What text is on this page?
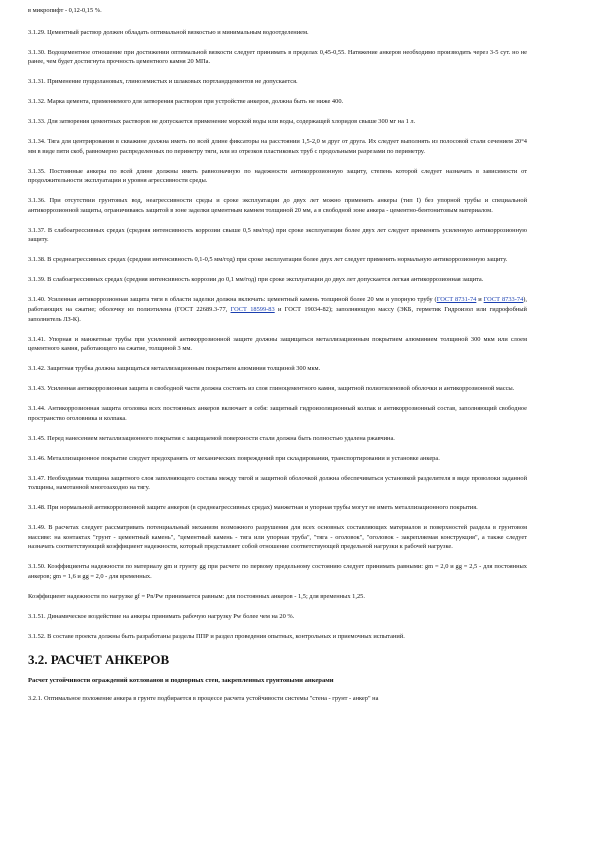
в микропифт - 0,12-0,15 %.

3.1.29. Цементный раствор должен обладать оптимальной вязкостью и минимальным водоотделением.

3.1.30. Водоцементное отношение при достижении оптимальной вязкости следует принимать в пределах 0,45-0,55. Натяжение анкеров необходимо производить через 3-5 сут. но не ранее, чем будет достигнута прочность цементного камня 20 МПа.

3.1.31. Применение пуццолановых, глиноземистых и шлаковых портландцементов не допускается.

3.1.32. Марка цемента, применяемого для затворения растворов при устройстве анкеров, должна быть не ниже 400.

3.1.33. Для затворения цементных растворов не допускается применение морской воды или воды, содержащей хлоридов свыше 300 мг на 1 л.

3.1.34. Тяга для центрирования в скважине должна иметь по всей длине фиксаторы на расстоянии 1,5-2,0 м друг от друга. Их следует выполнять из полосовой стали сечением 20°4 мм в виде пяти скоб, равномерно распределенных по периметру тяги, или из отрезков пластиковых труб с продольными разрезами по периметру.

3.1.35. Постоянные анкеры по всей длине должны иметь равнозначную по надежности антикоррозионную защиту, степень которой следует назначать в зависимости от продолжительности эксплуатации и уровня агрессивности среды.

3.1.36. При отсутствии грунтовых вод, неагрессивности среды и сроке эксплуатации до двух лет можно применять анкеры (тип I) без упорной трубы и специальной антикоррозионной защиты, ограничиваясь защитой в зоне заделки цементным камнем толщиной 20 мм, а в свободной зоне анкера - цементно-бентонитовым материалом.

3.1.37. В слабоагрессивных средах (средняя интенсивность коррозии свыше 0,5 мм/год) при сроке эксплуатации более двух лет следует применять усиленную антикоррозионную защиту.

3.1.38. В среднеагрессивных средах (средняя интенсивность 0,1-0,5 мм/год) при сроке эксплуатации более двух лет следует применять нормальную антикоррозионную защиту.

3.1.39. В слабоагрессивных средах (средняя интенсивность коррозии до 0,1 мм/год) при сроке эксплуатации до двух лет допускается легкая антикоррозионная защита.

3.1.40. Усиленная антикоррозионная защита тяги в области заделки должна включать: цементный камень толщиной более 20 мм и упорную трубу (ГОСТ 8731-74 и ГОСТ 8733-74), работающих на сжатие; оболочку из полиэтилена (ГОСТ 22689.3-77, ГОСТ 18599-83 и ГОСТ 19034-82); заполняющую массу (ЭКБ, герметик Гидроизол или гидрофобный заполнитель ЛЗ-К).

3.1.41. Упорная и манжетные трубы при усиленной антикоррозионной защите должны защищаться металлизационным покрытием алюминием толщиной 300 мкм или слоем цементного камня, работающего на сжатие, толщиной 3 мм.

3.1.42. Защитная трубка должна защищаться металлизационным покрытием алюминия толщиной 300 мкм.

3.1.43. Усиленная антикоррозионная защита в свободной части должна состоять из слоя глиноцементного камня, защитной полиэтиленовой оболочки и антикоррозионной массы.

3.1.44. Антикоррозионная защита оголовка всех постоянных анкеров включает в себя: защитный гидроизоляционный колпак и антикоррозионный состав, заполняющий свободное пространство оголовника и колпака.

3.1.45. Перед нанесением металлизационного покрытия с защищаемой поверхности стали должна быть полностью удалена ржавчина.

3.1.46. Металлизационное покрытие следует предохранять от механических повреждений при складировании, транспортировании и установке анкера.

3.1.47. Необходимая толщина защитного слоя заполняющего состава между тягой и защитной оболочкой должна обеспечиваться установкой разделителя в виде проволоки заданной толщины, намотанной многозаходно на тягу.

3.1.48. При нормальной антикоррозионной защите анкеров (в среднеагрессивных средах) манжетная и упорная трубы могут не иметь металлизационного покрытия.

3.1.49. В расчетах следует рассматривать потенциальный механизм возможного разрушения для всех основных составляющих материалов и поверхностей раздела в грунтовом массиве: на контактах "грунт - цементный камень", "цементный камень - тяга или упорная труба", "тяга - оголовок", "оголовок - закрепляемая конструкция", а также следует назначать соответствующий коэффициент надежности, который представляет собой отношение соответствующей предельной нагрузки к рабочей нагрузке.

3.1.50. Коэффициенты надежности по материалу gm и грунту gg при расчете по первому предельному состоянию следует принимать равными: gm = 2,0 и gg = 2,5 - для постоянных анкеров; gm = 1,6 и gg = 2,0 - для временных.

Коэффициент надежности по нагрузке gf = Pn/Pw принимается равным: для постоянных анкеров - 1,5; для временных 1,25.

3.1.51. Динамическое воздействие на анкеры принимать рабочую нагрузку Pw более чем на 20 %.

3.1.52. В составе проекта должны быть разработаны разделы ППР и раздел проведения опытных, контрольных и приемочных испытаний.

3.2. РАСЧЕТ АНКЕРОВ

Расчет устойчивости ограждений котлованов и подпорных стен, закрепленных грунтовыми анкерами

3.2.1. Оптимальное положение анкера в грунте подбирается в процессе расчета устойчивости системы "стена - грунт - анкер" на
